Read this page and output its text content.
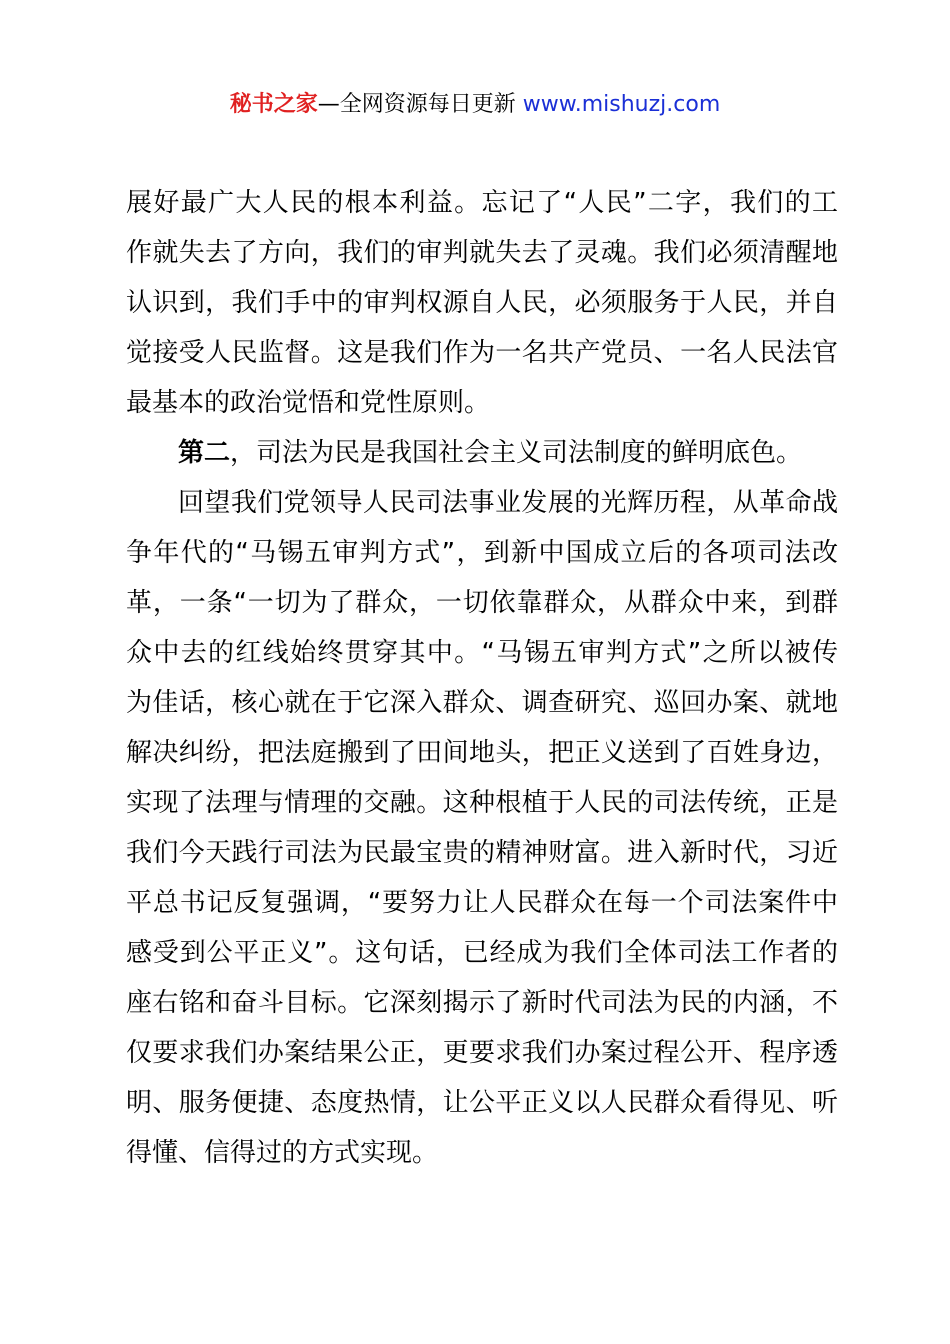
秘书之家—全网资源每日更新 www.mishuzj.com
展好最广大人民的根本利益。忘记了“人民”二字，我们的工
作就失去了方向，我们的审判就失去了灵魂。我们必须清醒地
认识到，我们手中的审判权源自人民，必须服务于人民，并自
觉接受人民监督。这是我们作为一名共产党员、一名人民法官
最基本的政治觉悟和党性原则。
第二，司法为民是我国社会主义司法制度的鲜明底色。
回望我们党领导人民司法事业发展的光辉历程，从革命战
争年代的“马锡五审判方式”，到新中国成立后的各项司法改
革，一条“一切为了群众，一切依靠群众，从群众中来，到群
众中去的红线始终贯穿其中。“马锡五审判方式”之所以被传
为佳话，核心就在于它深入群众、调查研究、巡回办案、就地
解决纠纷，把法庭搬到了田间地头，把正义送到了百姓身边，
实现了法理与情理的交融。这种根植于人民的司法传统，正是
我们今天践行司法为民最宝贵的精神财富。进入新时代，习近
平总书记反复强调，“要努力让人民群众在每一个司法案件中
感受到公平正义”。这句话，已经成为我们全体司法工作者的
座右铭和奋斗目标。它深刻揭示了新时代司法为民的内涵，不
仅要求我们办案结果公正，更要求我们办案过程公开、程序透
明、服务便捷、态度热情，让公平正义以人民群众看得见、听
得懂、信得过的方式实现。
